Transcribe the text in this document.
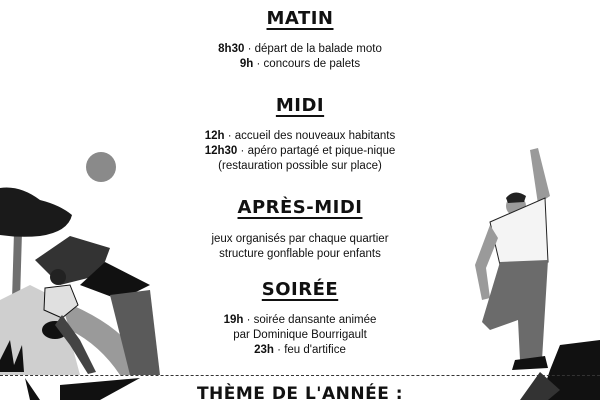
MATIN
8h30 · départ de la balade moto
9h · concours de palets
MIDI
12h · accueil des nouveaux habitants
12h30 · apéro partagé et pique-nique
(restauration possible sur place)
APRÈS-MIDI
jeux organisés par chaque quartier
structure gonflable pour enfants
SOIRÉE
19h · soirée dansante animée
par Dominique Bourrigault
23h · feu d'artifice
THÈME DE L'ANNÉE :
